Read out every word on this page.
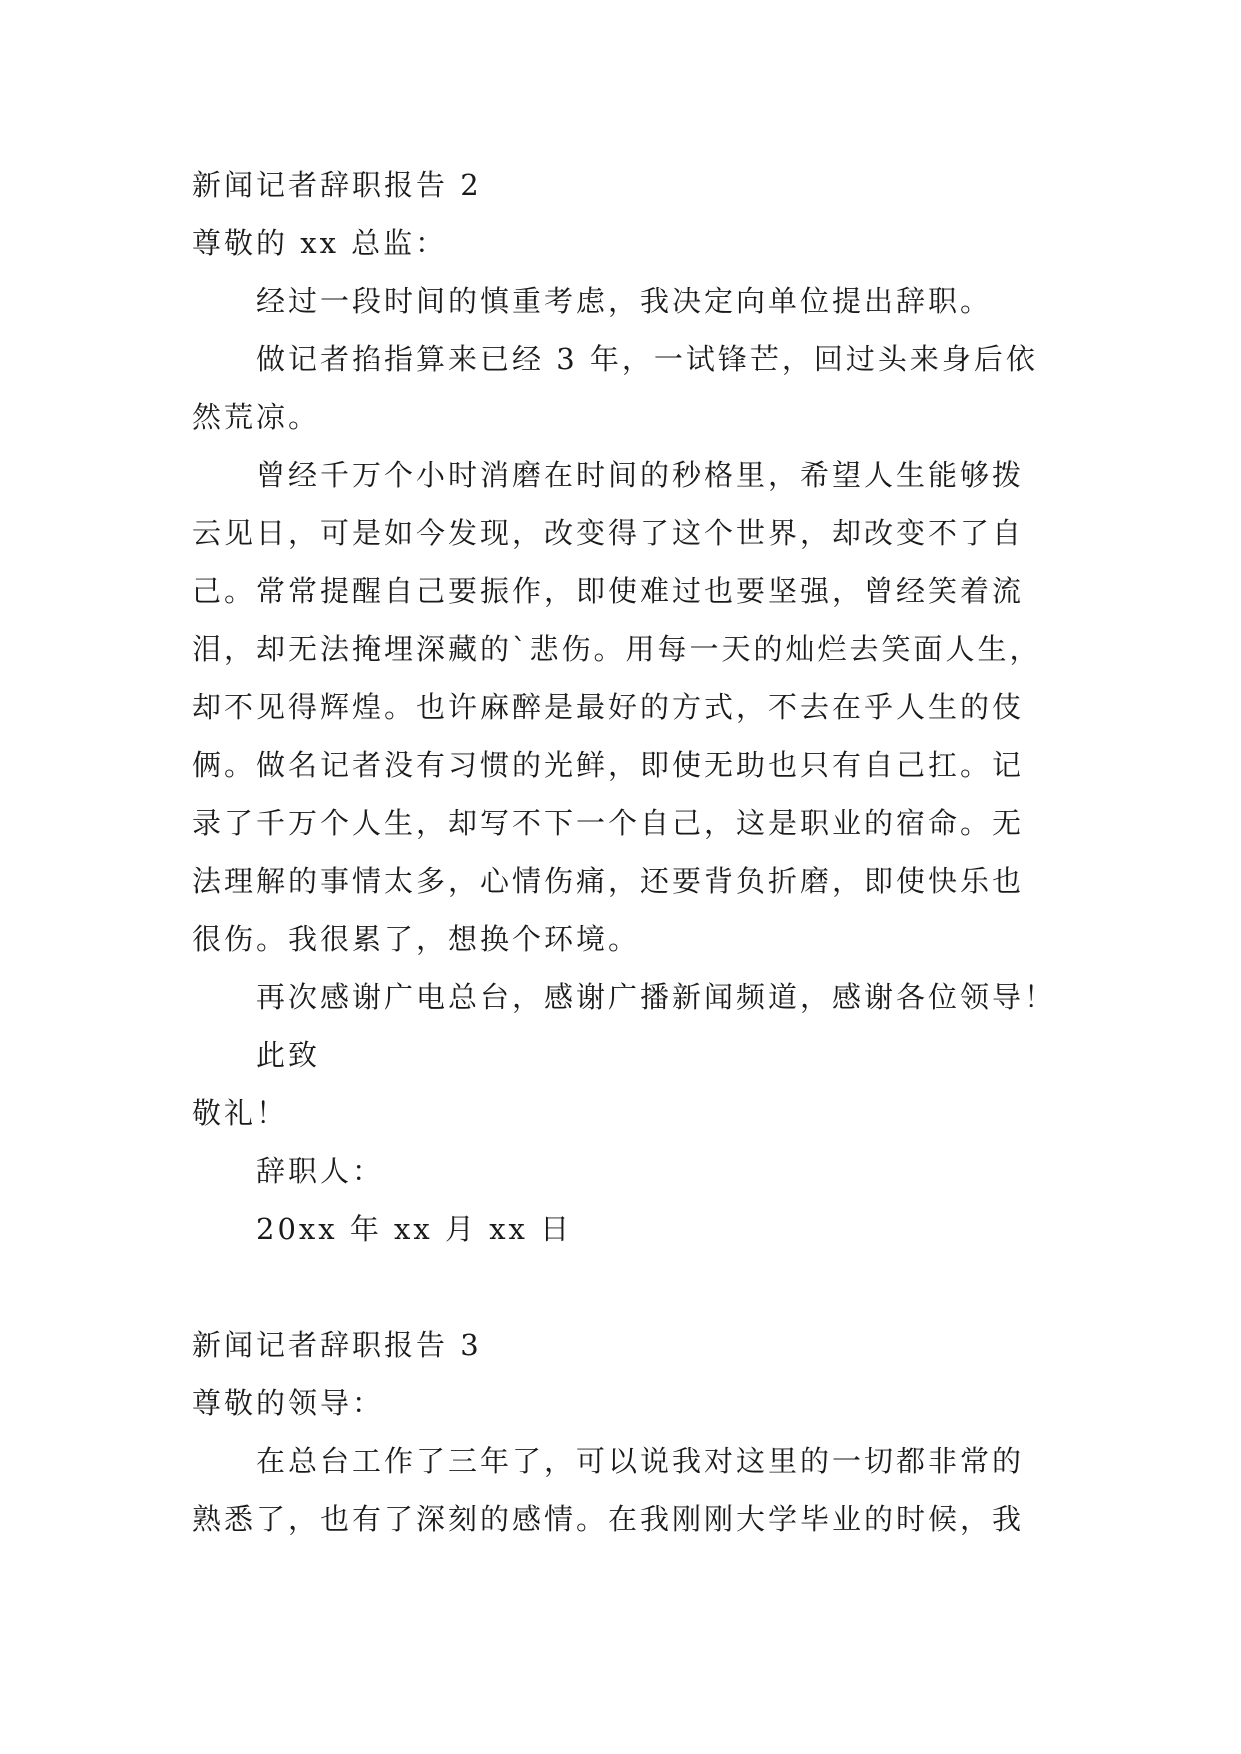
新闻记者辞职报告 2
尊敬的 xx 总监：
经过一段时间的慎重考虑，我决定向单位提出辞职。
做记者掐指算来已经 3 年，一试锋芒，回过头来身后依
然荒凉。
曾经千万个小时消磨在时间的秒格里，希望人生能够拨
云见日，可是如今发现，改变得了这个世界，却改变不了自
己。常常提醒自己要振作，即使难过也要坚强，曾经笑着流
泪，却无法掩埋深藏的`悲伤。用每一天的灿烂去笑面人生，
却不见得辉煌。也许麻醉是最好的方式，不去在乎人生的伎
俩。做名记者没有习惯的光鲜，即使无助也只有自己扛。记
录了千万个人生，却写不下一个自己，这是职业的宿命。无
法理解的事情太多，心情伤痛，还要背负折磨，即使快乐也
很伤。我很累了，想换个环境。
再次感谢广电总台，感谢广播新闻频道，感谢各位领导！
此致
敬礼！
辞职人：
20xx 年 xx 月 xx 日
新闻记者辞职报告 3
尊敬的领导：
在总台工作了三年了，可以说我对这里的一切都非常的
熟悉了，也有了深刻的感情。在我刚刚大学毕业的时候，我
